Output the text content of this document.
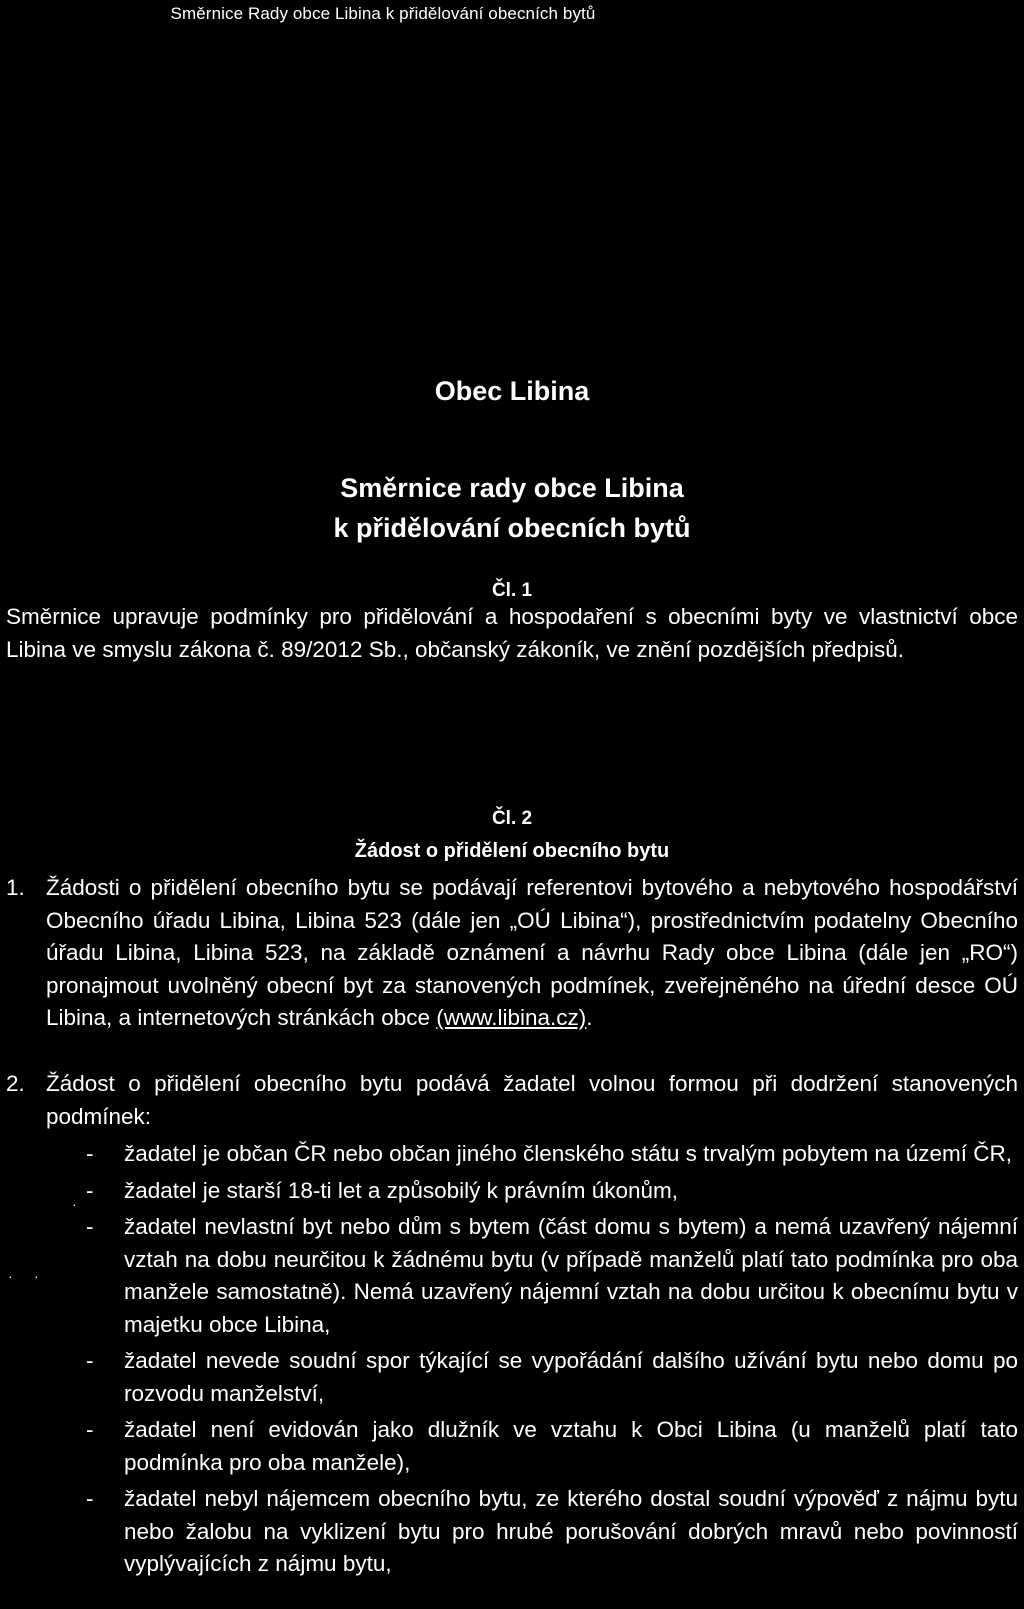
Směrnice Rady obce Libina k přidělování obecních bytů
Obec Libina
Směrnice rady obce Libina
k přidělování obecních bytů
Čl. 1
Směrnice upravuje podmínky pro přidělování a hospodaření s obecními byty ve vlastnictví obce Libina ve smyslu zákona č. 89/2012 Sb., občanský zákoník, ve znění pozdějších předpisů.
Čl. 2
Žádost o přidělení obecního bytu
1. Žádosti o přidělení obecního bytu se podávají referentovi bytového a nebytového hospodářství Obecního úřadu Libina, Libina 523 (dále jen „OÚ Libina“), prostřednictvím podatelny Obecního úřadu Libina, Libina 523, na základě oznámení a návrhu Rady obce Libina (dále jen „RO“) pronajmout uvolněný obecní byt za stanovených podmínek, zveřejněného na úřední desce OÚ Libina, a internetových stránkách obce (www.libina.cz).
2. Žádost o přidělení obecního bytu podává žadatel volnou formou při dodržení stanovených podmínek:
- žadatel je občan ČR nebo občan jiného členského státu s trvalým pobytem na území ČR,
- žadatel je starší 18-ti let a způsobilý k právním úkonům,
- žadatel nevlastní byt nebo dům s bytem (část domu s bytem) a nemá uzavřený nájemní vztah na dobu neurčitou k žádnému bytu (v případě manželů platí tato podmínka pro oba manžele samostatně). Nemá uzavřený nájemní vztah na dobu určitou k obecnímu bytu v majetku obce Libina,
- žadatel nevede soudní spor týkající se vypořádání dalšího užívání bytu nebo domu po rozvodu manželství,
- žadatel není evidován jako dlužník ve vztahu k Obci Libina (u manželů platí tato podmínka pro oba manžele),
- žadatel nebyl nájemcem obecního bytu, ze kterého dostal soudní výpověď z nájmu bytu nebo žalobu na vyklizení bytu pro hrubé porušování dobrých mravů nebo povinností vyplývajících z nájmu bytu,
·
· ·
